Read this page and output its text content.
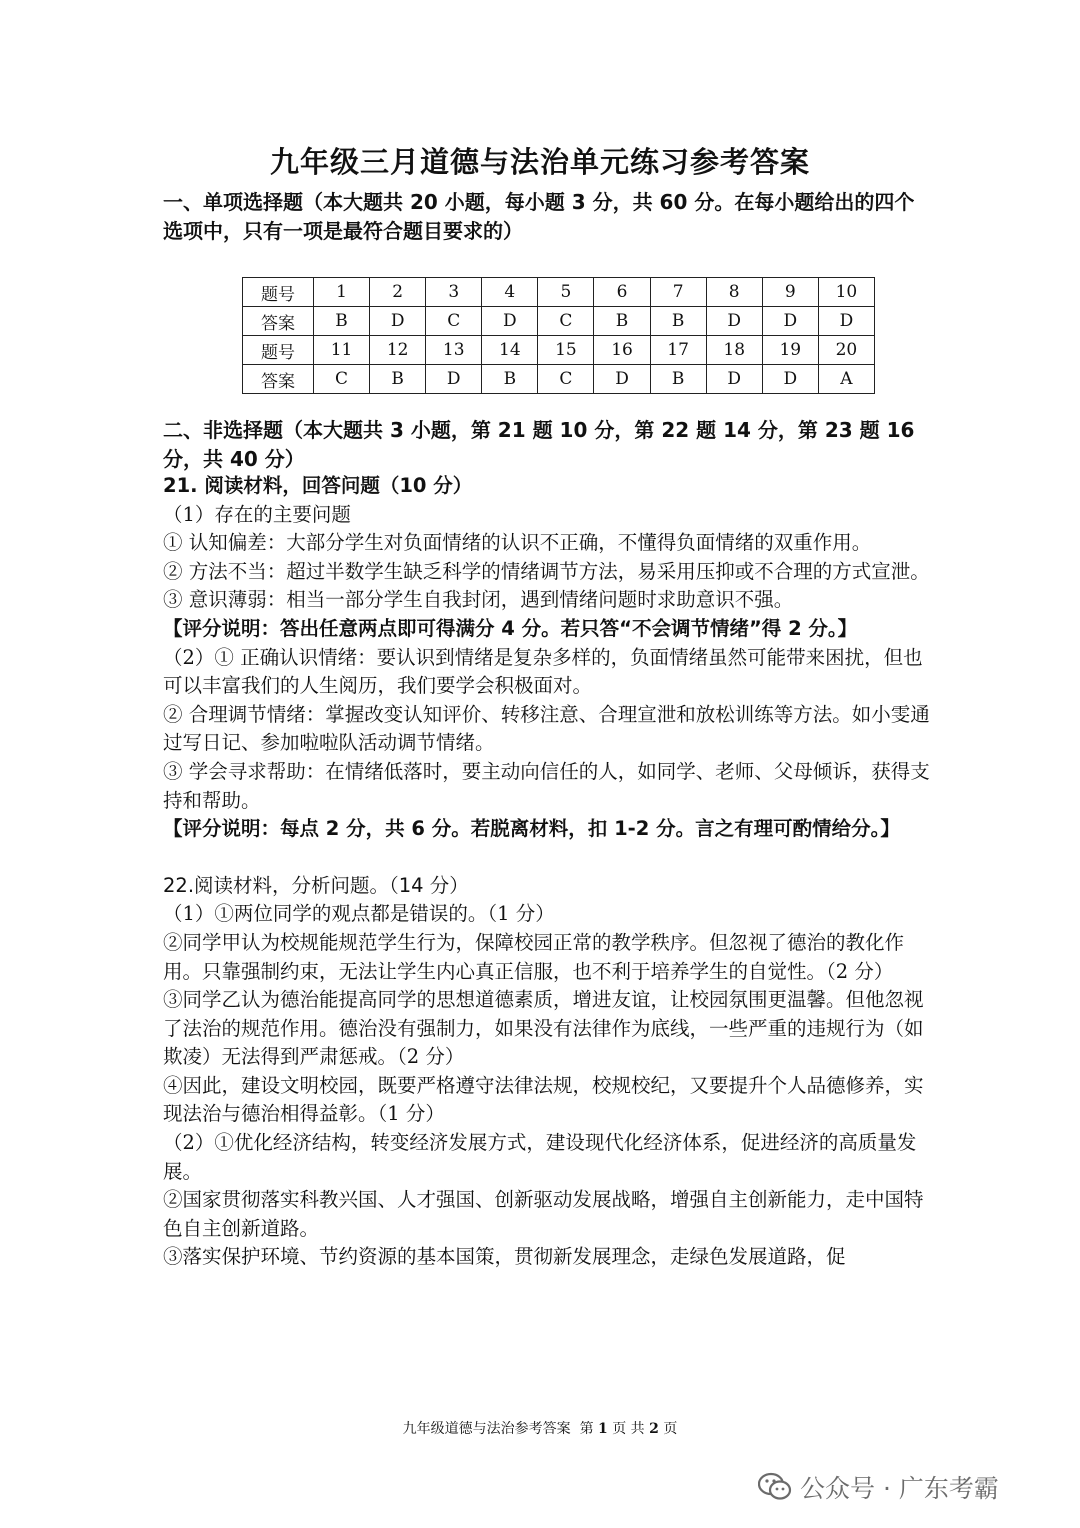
九年级三月道德与法治单元练习参考答案
一、单项选择题（本大题共 20 小题，每小题 3 分，共 60 分。在每小题给出的四个选项中，只有一项是最符合题目要求的）
题号	1	2	3	4	5	6	7	8	9	10
答案	B	D	C	D	C	B	B	D	D	D
题号	11	12	13	14	15	16	17	18	19	20
答案	C	B	D	B	C	D	B	D	D	A
二、非选择题（本大题共 3 小题，第 21 题 10 分，第 22 题 14 分，第 23 题 16 分，共 40 分）

21. 阅读材料，回答问题（10 分）

（1）存在的主要问题

① 认知偏差：大部分学生对负面情绪的认识不正确，不懂得负面情绪的双重作用。

② 方法不当：超过半数学生缺乏科学的情绪调节方法，易采用压抑或不合理的方式宣泄。

③ 意识薄弱：相当一部分学生自我封闭，遇到情绪问题时求助意识不强。

【评分说明：答出任意两点即可得满分 4 分。若只答“不会调节情绪”得 2 分。】

（2）① 正确认识情绪：要认识到情绪是复杂多样的，负面情绪虽然可能带来困扰，但也可以丰富我们的人生阅历，我们要学会积极面对。

② 合理调节情绪：掌握改变认知评价、转移注意、合理宣泄和放松训练等方法。如小雯通过写日记、参加啦啦队活动调节情绪。

③ 学会寻求帮助：在情绪低落时，要主动向信任的人，如同学、老师、父母倾诉，获得支持和帮助。

【评分说明：每点 2 分，共 6 分。若脱离材料，扣 1-2 分。言之有理可酌情给分。】

22.阅读材料，分析问题。（14 分）

（1）①两位同学的观点都是错误的。（1 分）

②同学甲认为校规能规范学生行为，保障校园正常的教学秩序。但忽视了德治的教化作用。只靠强制约束，无法让学生内心真正信服，也不利于培养学生的自觉性。（2 分）

③同学乙认为德治能提高同学的思想道德素质，增进友谊，让校园氛围更温馨。但他忽视了法治的规范作用。德治没有强制力，如果没有法律作为底线，一些严重的违规行为（如欺凌）无法得到严肃惩戒。（2 分）

④因此，建设文明校园，既要严格遵守法律法规，校规校纪，又要提升个人品德修养，实现法治与德治相得益彰。（1 分）

（2）①优化经济结构，转变经济发展方式，建设现代化经济体系，促进经济的高质量发展。

②国家贯彻落实科教兴国、人才强国、创新驱动发展战略，增强自主创新能力，走中国特色自主创新道路。

③落实保护环境、节约资源的基本国策，贯彻新发展理念，走绿色发展道路，促

九年级道德与法治参考答案 第 1 页 共 2 页
公众号 · 广东考霸
